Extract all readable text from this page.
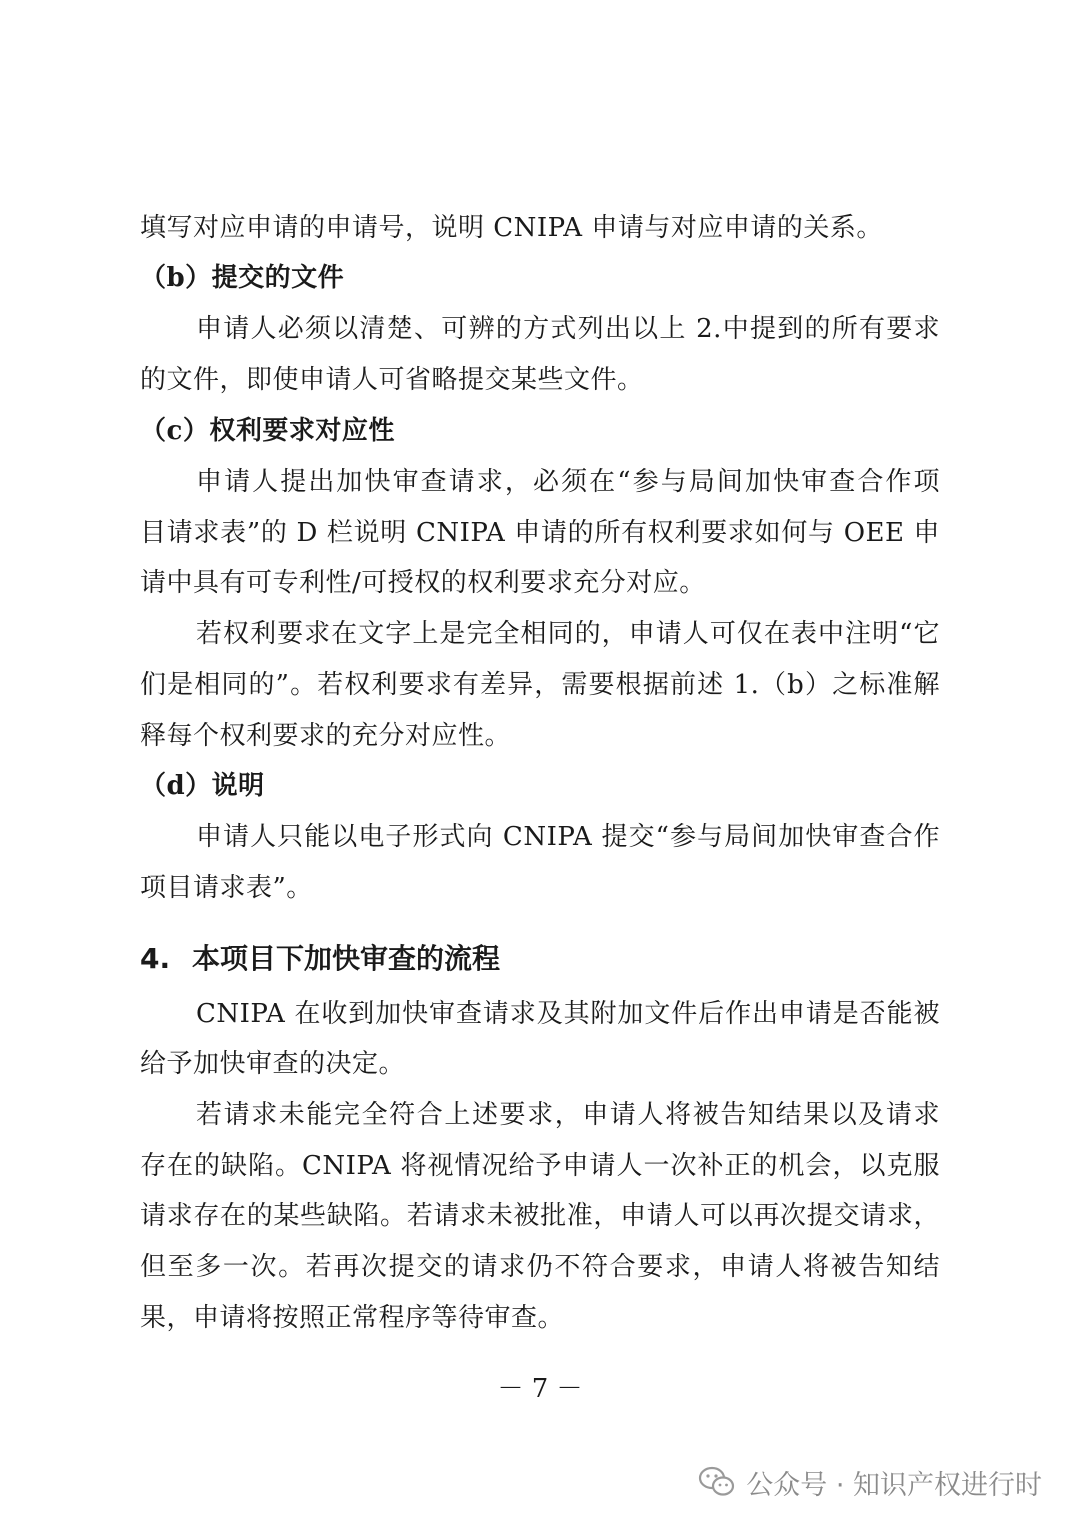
填写对应申请的申请号，说明 CNIPA 申请与对应申请的关系。
（b）提交的文件
申请人必须以清楚、可辨的方式列出以上 2.中提到的所有要求
的文件，即使申请人可省略提交某些文件。
（c）权利要求对应性
申请人提出加快审查请求，必须在“参与局间加快审查合作项
目请求表”的 D 栏说明 CNIPA 申请的所有权利要求如何与 OEE 申
请中具有可专利性/可授权的权利要求充分对应。
若权利要求在文字上是完全相同的，申请人可仅在表中注明“它
们是相同的”。若权利要求有差异，需要根据前述 1.（b）之标准解
释每个权利要求的充分对应性。
（d）说明
申请人只能以电子形式向 CNIPA 提交“参与局间加快审查合作
项目请求表”。
4. 本项目下加快审查的流程
CNIPA 在收到加快审查请求及其附加文件后作出申请是否能被
给予加快审查的决定。
若请求未能完全符合上述要求，申请人将被告知结果以及请求
存在的缺陷。CNIPA 将视情况给予申请人一次补正的机会，以克服
请求存在的某些缺陷。若请求未被批准，申请人可以再次提交请求，
但至多一次。若再次提交的请求仍不符合要求，申请人将被告知结
果，申请将按照正常程序等待审查。
－ 7 －
公众号 · 知识产权进行时
